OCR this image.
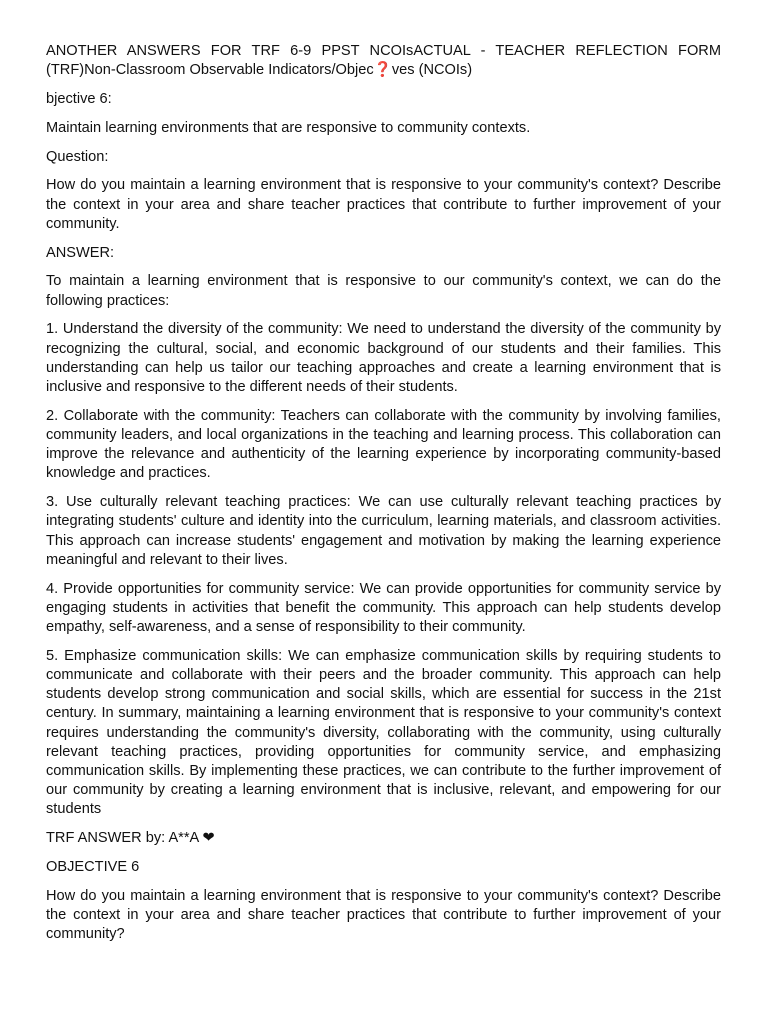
ANOTHER ANSWERS FOR TRF 6-9 PPST NCOIsACTUAL - TEACHER REFLECTION FORM (TRF)Non-Classroom Observable Indicators/Objec❓ves (NCOIs)

bjective 6:

Maintain learning environments that are responsive to community contexts.

Question:

How do you maintain a learning environment that is responsive to your community's context? Describe the context in your area and share teacher practices that contribute to further improvement of your community.

ANSWER:

To maintain a learning environment that is responsive to our community's context, we can do the following practices:

1. Understand the diversity of the community: We need to understand the diversity of the community by recognizing the cultural, social, and economic background of our students and their families. This understanding can help us tailor our teaching approaches and create a learning environment that is inclusive and responsive to the different needs of their students.

2. Collaborate with the community: Teachers can collaborate with the community by involving families, community leaders, and local organizations in the teaching and learning process. This collaboration can improve the relevance and authenticity of the learning experience by incorporating community-based knowledge and practices.

3. Use culturally relevant teaching practices: We can use culturally relevant teaching practices by integrating students' culture and identity into the curriculum, learning materials, and classroom activities. This approach can increase students' engagement and motivation by making the learning experience meaningful and relevant to their lives.

4. Provide opportunities for community service: We can provide opportunities for community service by engaging students in activities that benefit the community. This approach can help students develop empathy, self-awareness, and a sense of responsibility to their community.

5. Emphasize communication skills: We can emphasize communication skills by requiring students to communicate and collaborate with their peers and the broader community. This approach can help students develop strong communication and social skills, which are essential for success in the 21st century. In summary, maintaining a learning environment that is responsive to your community's context requires understanding the community's diversity, collaborating with the community, using culturally relevant teaching practices, providing opportunities for community service, and emphasizing communication skills. By implementing these practices, we can contribute to the further improvement of our community by creating a learning environment that is inclusive, relevant, and empowering for our students

TRF ANSWER by: A**A ❤

OBJECTIVE 6

How do you maintain a learning environment that is responsive to your community's context? Describe the context in your area and share teacher practices that contribute to further improvement of your community?
